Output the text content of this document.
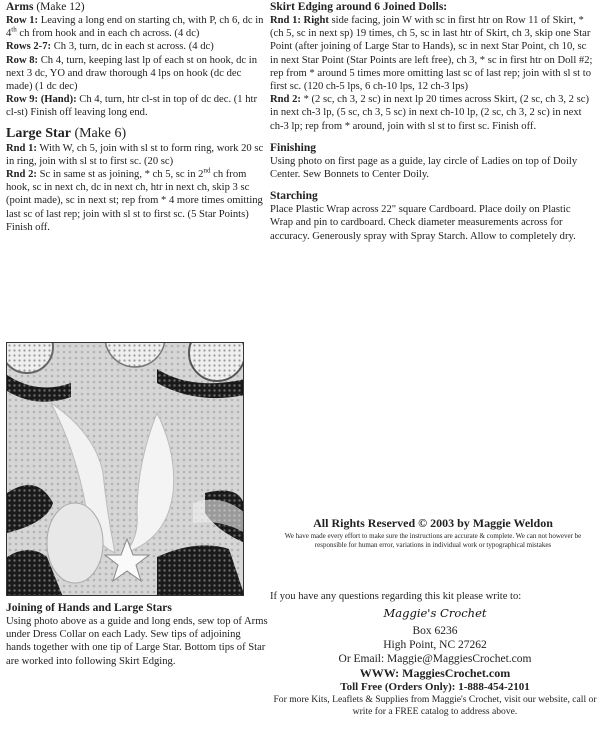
Arms (Make 12)

Row 1: Leaving a long end on starting ch, with P, ch 6, dc in 4th ch from hook and in each ch across. (4 dc)

Rows 2-7: Ch 3, turn, dc in each st across. (4 dc)

Row 8: Ch 4, turn, keeping last lp of each st on hook, dc in next 3 dc, YO and draw thorough 4 lps on hook (dc dec made) (1 dc dec)

Row 9: (Hand): Ch 4, turn, htr cl-st in top of dc dec. (1 htr cl-st) Finish off leaving long end.

Large Star (Make 6)

Rnd 1: With W, ch 5, join with sl st to form ring, work 20 sc in ring, join with sl st to first sc. (20 sc)

Rnd 2: Sc in same st as joining, * ch 5, sc in 2nd ch from hook, sc in next ch, dc in next ch, htr in next ch, skip 3 sc (point made), sc in next st; rep from * 4 more times omitting last sc of last rep; join with sl st to first sc. (5 Star Points) Finish off.

Joining of Hands and Large Stars

Using photo above as a guide and long ends, sew top of Arms under Dress Collar on each Lady. Sew tips of adjoining hands together with one tip of Large Star. Bottom tips of Star are worked into following Skirt Edging.

Skirt Edging around 6 Joined Dolls:

Rnd 1: Right side facing, join W with sc in first htr on Row 11 of Skirt, * (ch 5, sc in next sp) 19 times, ch 5, sc in last htr of Skirt, ch 3, skip one Star Point (after joining of Large Star to Hands), sc in next Star Point, ch 10, sc in next Star Point (Star Points are left free), ch 3, * sc in first htr on Doll #2; rep from * around 5 times more omitting last sc of last rep; join with sl st to first sc. (120 ch-5 lps, 6 ch-10 lps, 12 ch-3 lps)

Rnd 2: * (2 sc, ch 3, 2 sc) in next lp 20 times across Skirt, (2 sc, ch 3, 2 sc) in next ch-3 lp, (5 sc, ch 3, 5 sc) in next ch-10 lp, (2 sc, ch 3, 2 sc) in next ch-3 lp; rep from * around, join with sl st to first sc. Finish off.

Finishing

Using photo on first page as a guide, lay circle of Ladies on top of Doily Center. Sew Bonnets to Center Doily.

Starching

Place Plastic Wrap across 22" square Cardboard. Place doily on Plastic Wrap and pin to cardboard. Check diameter measurements across for accuracy. Generously spray with Spray Starch. Allow to completely dry.

All Rights Reserved © 2003 by Maggie Weldon

We have made every effort to make sure the instructions are accurate & complete. We can not however be responsible for human error, variations in individual work or typographical mistakes

If you have any questions regarding this kit please write to:

Maggie's Crochet

Box 6236

High Point, NC 27262

Or Email: Maggie@MaggiesCrochet.com

WWW: MaggiesCrochet.com

Toll Free (Orders Only): 1-888-454-2101

For more Kits, Leaflets & Supplies from Maggie's Crochet, visit our website, call or write for a FREE catalog to address above.
